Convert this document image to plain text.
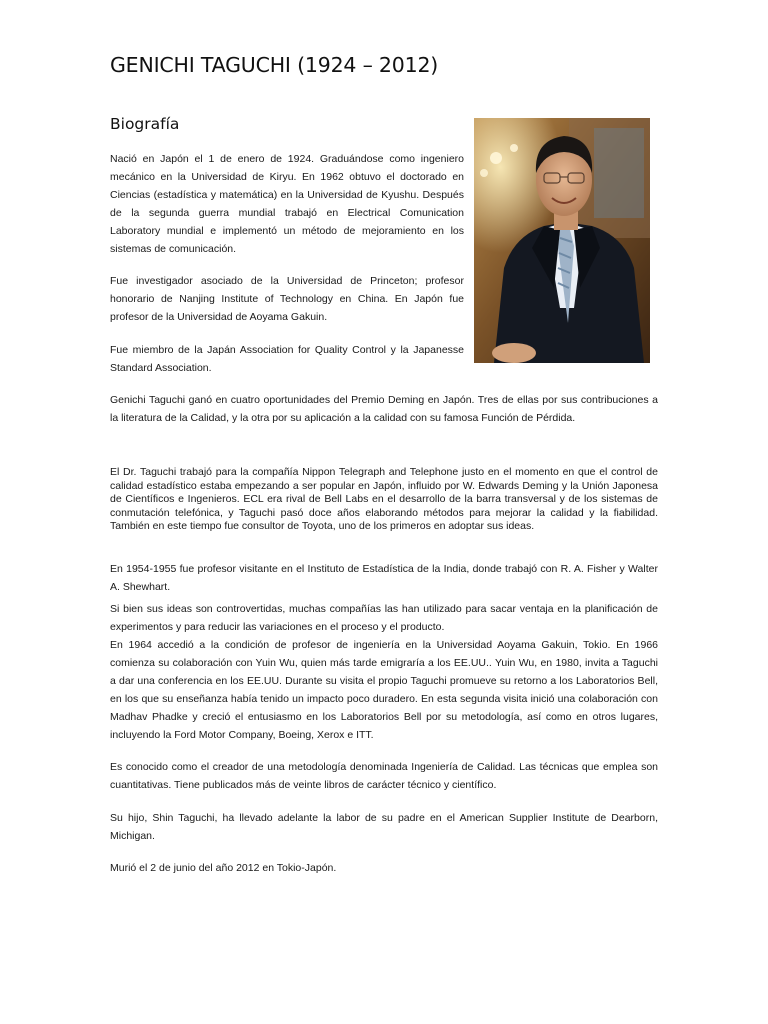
GENICHI TAGUCHI (1924 – 2012)
Biografía

Nació en Japón el 1 de enero de 1924. Graduándose como ingeniero mecánico en la Universidad de Kiryu. En 1962 obtuvo el doctorado en Ciencias (estadística y matemática) en la Universidad de Kyushu. Después de la segunda guerra mundial trabajó en Electrical Comunication Laboratory mundial e implementó un método de mejoramiento en los sistemas de comunicación.

Fue investigador asociado de la Universidad de Princeton; profesor honorario de Nanjing Institute of Technology en China. En Japón fue profesor de la Universidad de Aoyama Gakuin.

Fue miembro de la Japán Association for Quality Control y la Japanesse Standard Association.

Genichi Taguchi ganó en cuatro oportunidades del Premio Deming en Japón. Tres de ellas por sus contribuciones a la literatura de la Calidad, y la otra por su aplicación a la calidad con su famosa Función de Pérdida.

El Dr. Taguchi trabajó para la compañía Nippon Telegraph and Telephone justo en el momento en que el control de calidad estadístico estaba empezando a ser popular en Japón, influido por W. Edwards Deming y la Unión Japonesa de Científicos e Ingenieros. ECL era rival de Bell Labs en el desarrollo de la barra transversal y de los sistemas de conmutación telefónica, y Taguchi pasó doce años elaborando métodos para mejorar la calidad y la fiabilidad. También en este tiempo fue consultor de Toyota, uno de los primeros en adoptar sus ideas.

En 1954-1955 fue profesor visitante en el Instituto de Estadística de la India, donde trabajó con R. A. Fisher y Walter A. Shewhart.

Si bien sus ideas son controvertidas, muchas compañías las han utilizado para sacar ventaja en la planificación de experimentos y para reducir las variaciones en el proceso y el producto.

En 1964 accedió a la condición de profesor de ingeniería en la Universidad Aoyama Gakuin, Tokio. En 1966 comienza su colaboración con Yuin Wu, quien más tarde emigraría a los EE.UU.. Yuin Wu, en 1980, invita a Taguchi a dar una conferencia en los EE.UU. Durante su visita el propio Taguchi promueve su retorno a los Laboratorios Bell, en los que su enseñanza había tenido un impacto poco duradero. En esta segunda visita inició una colaboración con Madhav Phadke y creció el entusiasmo en los Laboratorios Bell por su metodología, así como en otros lugares, incluyendo la Ford Motor Company, Boeing, Xerox e ITT.

Es conocido como el creador de una metodología denominada Ingeniería de Calidad. Las técnicas que emplea son cuantitativas. Tiene publicados más de veinte libros de carácter técnico y científico.

Su hijo, Shin Taguchi, ha llevado adelante la labor de su padre en el American Supplier Institute de Dearborn, Michigan.

Murió el 2 de junio del año 2012 en Tokio-Japón.
